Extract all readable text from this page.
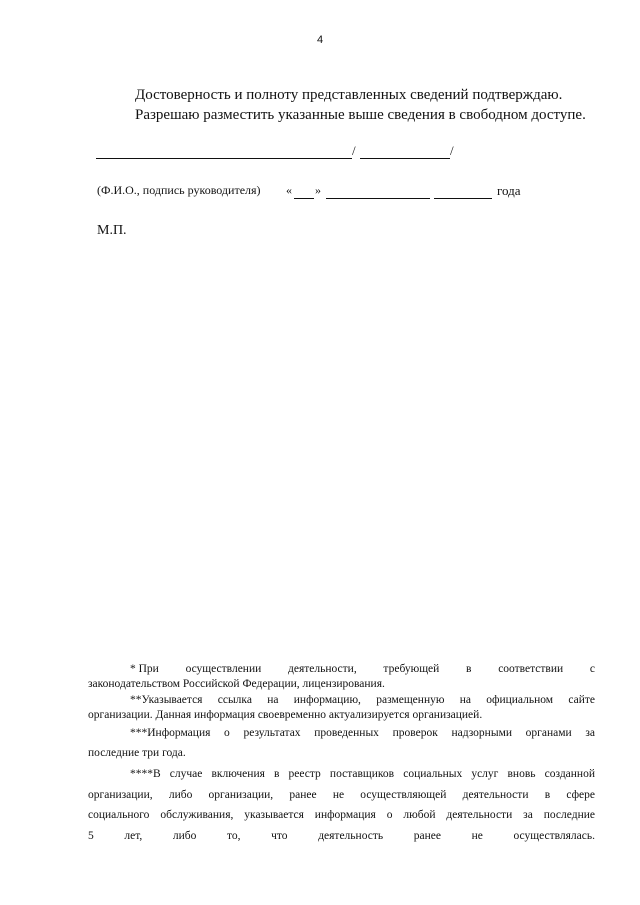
4
Достоверность и полноту представленных сведений подтверждаю.
Разрешаю разместить указанные выше сведения в свободном доступе.
/	/
(Ф.И.О., подпись руководителя) « »	года
М.П.
* При осуществлении деятельности, требующей в соответствии с
законодательством Российской Федерации, лицензирования.
**Указывается ссылка на информацию, размещенную на официальном сайте
организации. Данная информация своевременно актуализируется организацией.
***Информация о результатах проведенных проверок надзорными органами за
последние три года.
****В случае включения в реестр поставщиков социальных услуг вновь созданной
организации, либо организации, ранее не осуществляющей деятельности в сфере
социального обслуживания, указывается информация о любой деятельности за последние
5	лет,	либо	то,	что	деятельность	ранее	не	осуществлялась.
